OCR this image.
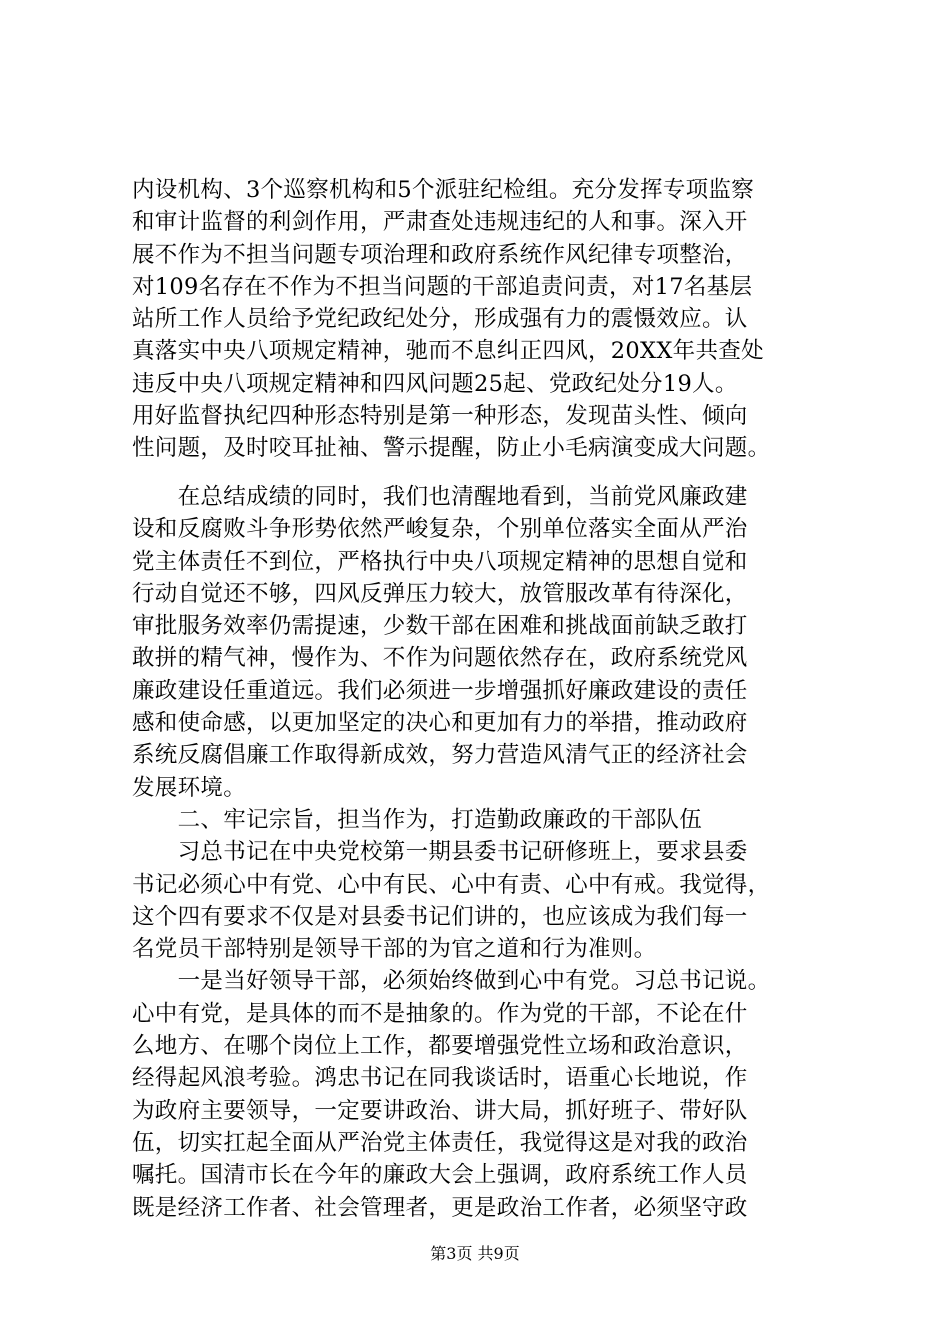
内设机构、3个巡察机构和5个派驻纪检组。充分发挥专项监察
和审计监督的利剑作用，严肃查处违规违纪的人和事。深入开
展不作为不担当问题专项治理和政府系统作风纪律专项整治，
对109名存在不作为不担当问题的干部追责问责，对17名基层
站所工作人员给予党纪政纪处分，形成强有力的震慑效应。认
真落实中央八项规定精神，驰而不息纠正四风，20XX年共查处
违反中央八项规定精神和四风问题25起、党政纪处分19人。
用好监督执纪四种形态特别是第一种形态，发现苗头性、倾向
性问题，及时咬耳扯袖、警示提醒，防止小毛病演变成大问题。
　　在总结成绩的同时，我们也清醒地看到，当前党风廉政建
设和反腐败斗争形势依然严峻复杂，个别单位落实全面从严治
党主体责任不到位，严格执行中央八项规定精神的思想自觉和
行动自觉还不够，四风反弹压力较大，放管服改革有待深化，
审批服务效率仍需提速，少数干部在困难和挑战面前缺乏敢打
敢拼的精气神，慢作为、不作为问题依然存在，政府系统党风
廉政建设任重道远。我们必须进一步增强抓好廉政建设的责任
感和使命感，以更加坚定的决心和更加有力的举措，推动政府
系统反腐倡廉工作取得新成效，努力营造风清气正的经济社会
发展环境。
　　二、牢记宗旨，担当作为，打造勤政廉政的干部队伍
　　习总书记在中央党校第一期县委书记研修班上，要求县委
书记必须心中有党、心中有民、心中有责、心中有戒。我觉得，
这个四有要求不仅是对县委书记们讲的，也应该成为我们每一
名党员干部特别是领导干部的为官之道和行为准则。
　　一是当好领导干部，必须始终做到心中有党。习总书记说。
心中有党，是具体的而不是抽象的。作为党的干部，不论在什
么地方、在哪个岗位上工作，都要增强党性立场和政治意识，
经得起风浪考验。鸿忠书记在同我谈话时，语重心长地说，作
为政府主要领导，一定要讲政治、讲大局，抓好班子、带好队
伍，切实扛起全面从严治党主体责任，我觉得这是对我的政治
嘱托。国清市长在今年的廉政大会上强调，政府系统工作人员
既是经济工作者、社会管理者，更是政治工作者，必须坚守政
第3页 共9页
